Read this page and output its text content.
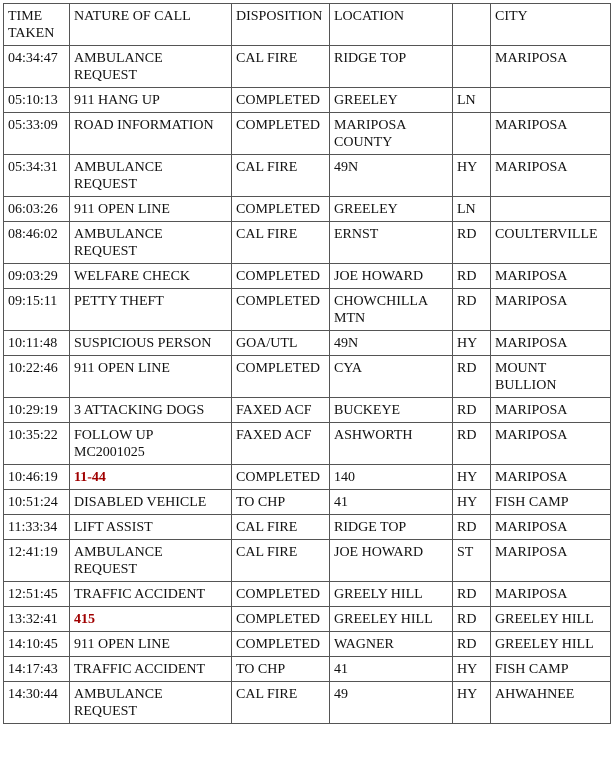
TIME TAKEN	NATURE OF CALL	DISPOSITION	LOCATION		CITY
04:34:47	AMBULANCE REQUEST	CAL FIRE	RIDGE TOP		MARIPOSA
05:10:13	911 HANG UP	COMPLETED	GREELEY	LN	
05:33:09	ROAD INFORMATION	COMPLETED	MARIPOSA COUNTY		MARIPOSA
05:34:31	AMBULANCE REQUEST	CAL FIRE	49N	HY	MARIPOSA
06:03:26	911 OPEN LINE	COMPLETED	GREELEY	LN	
08:46:02	AMBULANCE REQUEST	CAL FIRE	ERNST	RD	COULTERVILLE
09:03:29	WELFARE CHECK	COMPLETED	JOE HOWARD	RD	MARIPOSA
09:15:11	PETTY THEFT	COMPLETED	CHOWCHILLA MTN	RD	MARIPOSA
10:11:48	SUSPICIOUS PERSON	GOA/UTL	49N	HY	MARIPOSA
10:22:46	911 OPEN LINE	COMPLETED	CYA	RD	MOUNT BULLION
10:29:19	3 ATTACKING DOGS	FAXED ACF	BUCKEYE	RD	MARIPOSA
10:35:22	FOLLOW UP MC2001025	FAXED ACF	ASHWORTH	RD	MARIPOSA
10:46:19	11-44	COMPLETED	140	HY	MARIPOSA
10:51:24	DISABLED VEHICLE	TO CHP	41	HY	FISH CAMP
11:33:34	LIFT ASSIST	CAL FIRE	RIDGE TOP	RD	MARIPOSA
12:41:19	AMBULANCE REQUEST	CAL FIRE	JOE HOWARD	ST	MARIPOSA
12:51:45	TRAFFIC ACCIDENT	COMPLETED	GREELY HILL	RD	MARIPOSA
13:32:41	415	COMPLETED	GREELEY HILL	RD	GREELEY HILL
14:10:45	911 OPEN LINE	COMPLETED	WAGNER	RD	GREELEY HILL
14:17:43	TRAFFIC ACCIDENT	TO CHP	41	HY	FISH CAMP
14:30:44	AMBULANCE REQUEST	CAL FIRE	49	HY	AHWAHNEE
